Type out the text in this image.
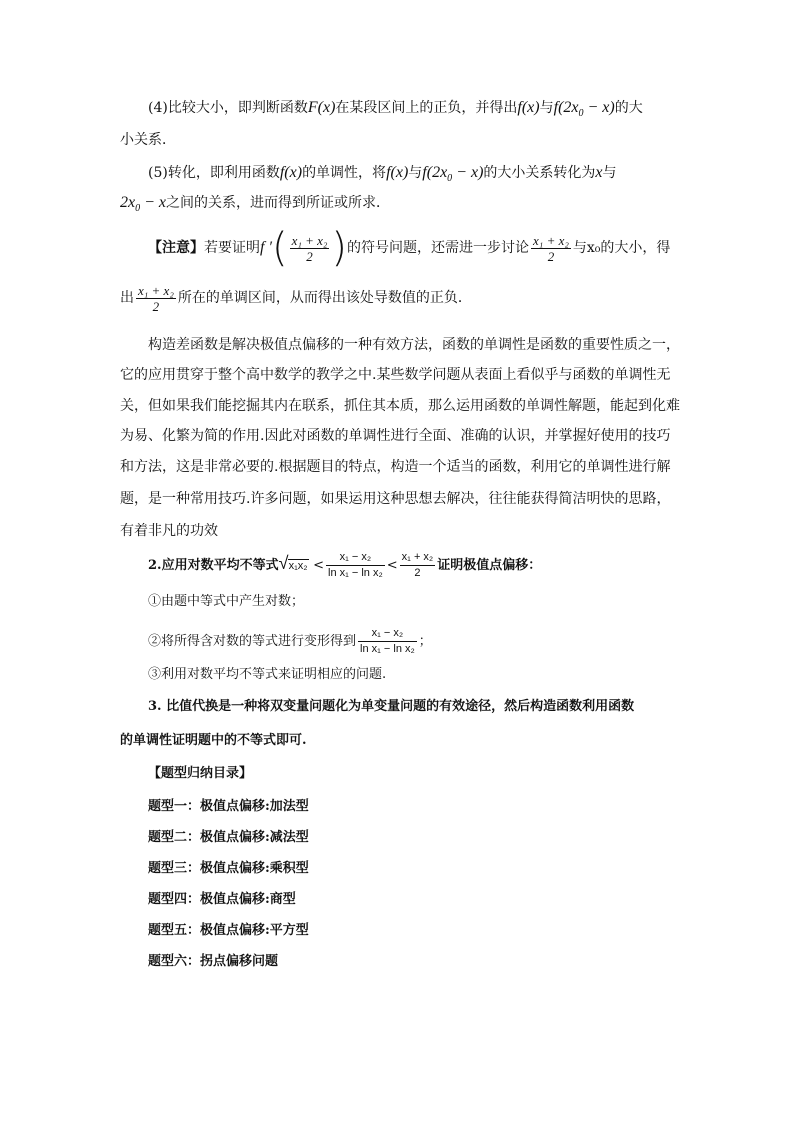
(4)比较大小，即判断函数F(x)在某段区间上的正负，并得出f(x)与$f(2x_0 - x)$的大
小关系．
(5)转化，即利用函数f(x)的单调性，将f(x)与$f(2x_0 - x)$的大小关系转化为x与
$2x_0 - x$之间的关系，进而得到所证或所求．
【注意】若要证明f ′( $\frac{\text{x₁ + x₂}}{2}$ )的符号问题，还需进一步讨论 $\frac{\text{x₁ + x₂}}{2}$ 与x₀的大小，得
出 $\frac{\text{x₁ + x₂}}{2}$ 所在的单调区间，从而得出该处导数值的正负．
构造差函数是解决极值点偏移的一种有效方法，函数的单调性是函数的重要性质之一，
它的应用贯穿于整个高中数学的教学之中.某些数学问题从表面上看似乎与函数的单调性无
关，但如果我们能挖掘其内在联系，抓住其本质，那么运用函数的单调性解题，能起到化难
为易、化繁为简的作用.因此对函数的单调性进行全面、准确的认识，并掌握好使用的技巧
和方法，这是非常必要的.根据题目的特点，构造一个适当的函数，利用它的单调性进行解
题，是一种常用技巧.许多问题，如果运用这种思想去解决，往往能获得简洁明快的思路，
有着非凡的功效
2.应用对数平均不等式 √ $x_1x_2 < \frac{\text{x₁ − x₂}}{\text{ln x₁ − ln x₂}} < \frac{\text{x₁ + x₂}}{2}$ 证明极值点偏移：
①由题中等式中产生对数；
②将所得含对数的等式进行变形得到 $\frac{\text{x₁ − x₂}}{\text{ln x₁ − ln x₂}}$ ；
③利用对数平均不等式来证明相应的问题.
3. 比值代换是一种将双变量问题化为单变量问题的有效途径，然后构造函数利用函数
的单调性证明题中的不等式即可.
【题型归纳目录】
题型一：极值点偏移:加法型
题型二：极值点偏移:减法型
题型三：极值点偏移:乘积型
题型四：极值点偏移:商型
题型五：极值点偏移:平方型
题型六：拐点偏移问题
